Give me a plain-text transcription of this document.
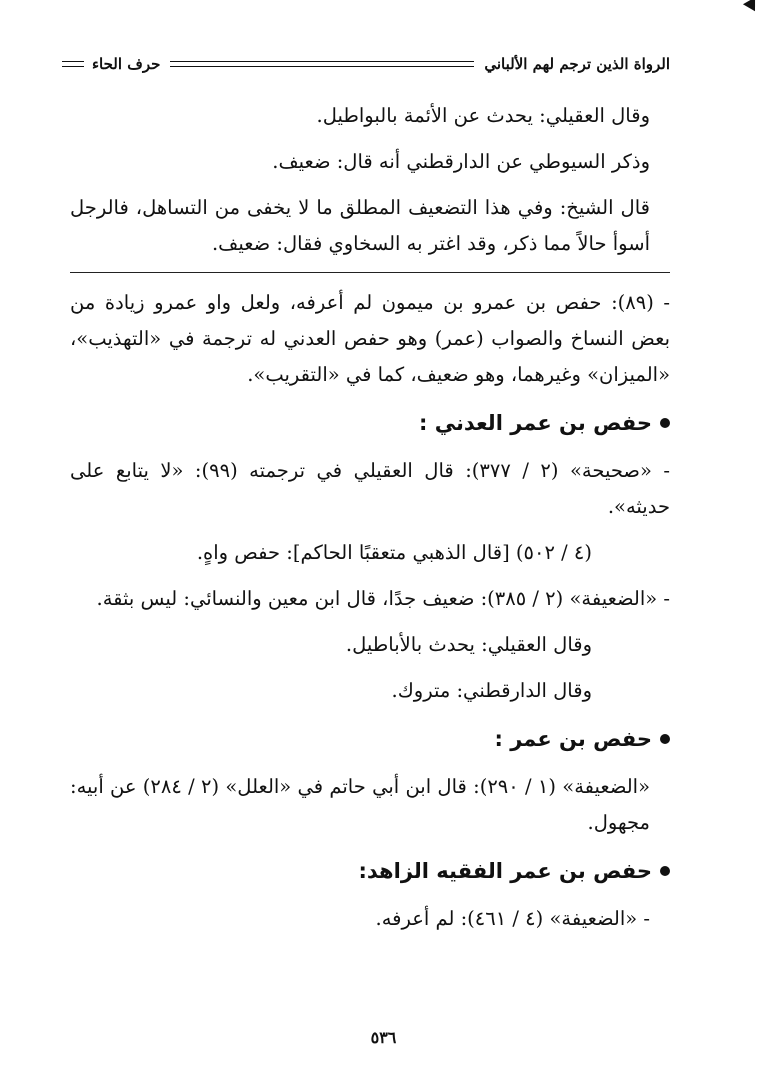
الرواة الذين ترجم لهم الألباني
حرف الحاء

وقال العقيلي: يحدث عن الأئمة بالبواطيل.

وذكر السيوطي عن الدارقطني أنه قال: ضعيف.

قال الشيخ: وفي هذا التضعيف المطلق ما لا يخفى من التساهل، فالرجل أسوأ حالاً مما ذكر، وقد اغتر به السخاوي فقال: ضعيف.

- (٨٩): حفص بن عمرو بن ميمون لم أعرفه، ولعل واو عمرو زيادة من بعض النساخ والصواب (عمر) وهو حفص العدني له ترجمة في «التهذيب»، «الميزان» وغيرهما، وهو ضعيف، كما في «التقريب».

حفص بن عمر العدني :

- «صحيحة» (٢ / ٣٧٧): قال العقيلي في ترجمته (٩٩): «لا يتابع على حديثه».

(٤ / ٥٠٢) [قال الذهبي متعقبًا الحاكم]: حفص واهٍ.

- «الضعيفة» (٢ / ٣٨٥): ضعيف جدًا، قال ابن معين والنسائي: ليس بثقة.

وقال العقيلي: يحدث بالأباطيل.

وقال الدارقطني: متروك.

حفص بن عمر :

«الضعيفة» (١ / ٢٩٠): قال ابن أبي حاتم في «العلل» (٢ / ٢٨٤) عن أبيه: مجهول.

حفص بن عمر الفقيه الزاهد:

- «الضعيفة» (٤ / ٤٦١): لم أعرفه.

٥٣٦
